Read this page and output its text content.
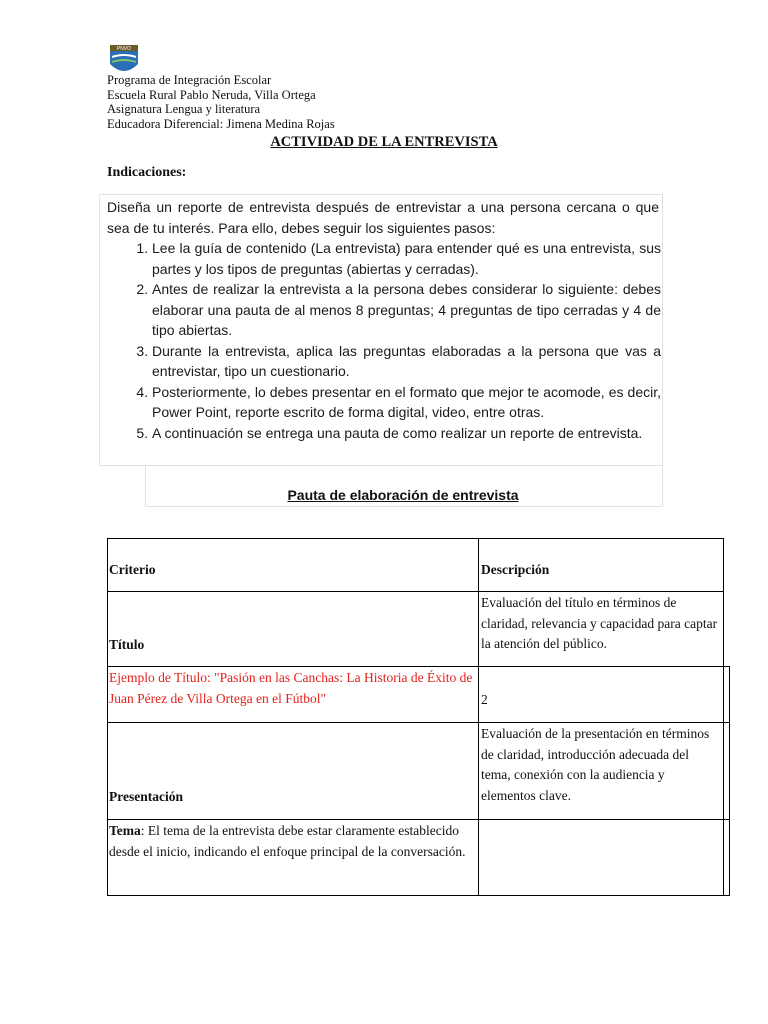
PNVO
Programa de Integración Escolar
Escuela Rural Pablo Neruda, Villa Ortega
Asignatura Lengua y literatura
Educadora Diferencial: Jimena Medina Rojas
ACTIVIDAD DE LA ENTREVISTA
Indicaciones:
Diseña un reporte de entrevista después de entrevistar a una persona cercana o que sea de tu interés. Para ello, debes seguir los siguientes pasos:
1. Lee la guía de contenido (La entrevista) para entender qué es una entrevista, sus partes y los tipos de preguntas (abiertas y cerradas).
2. Antes de realizar la entrevista a la persona debes considerar lo siguiente: debes elaborar una pauta de al menos 8 preguntas; 4 preguntas de tipo cerradas y 4 de tipo abiertas.
3. Durante la entrevista, aplica las preguntas elaboradas a la persona que vas a entrevistar, tipo un cuestionario.
4. Posteriormente, lo debes presentar en el formato que mejor te acomode, es decir, Power Point, reporte escrito de forma digital, video, entre otras.
5. A continuación se entrega una pauta de como realizar un reporte de entrevista.
Pauta de elaboración de entrevista
Criterio	Descripción
Título
Evaluación del título en términos de claridad, relevancia y capacidad para captar la atención del público.
Ejemplo de Título: "Pasión en las Canchas: La Historia de Éxito de Juan Pérez de Villa Ortega en el Fútbol"	2
Presentación
Evaluación de la presentación en términos de claridad, introducción adecuada del tema, conexión con la audiencia y elementos clave.
Tema: El tema de la entrevista debe estar claramente establecido desde el inicio, indicando el enfoque principal de la conversación.
